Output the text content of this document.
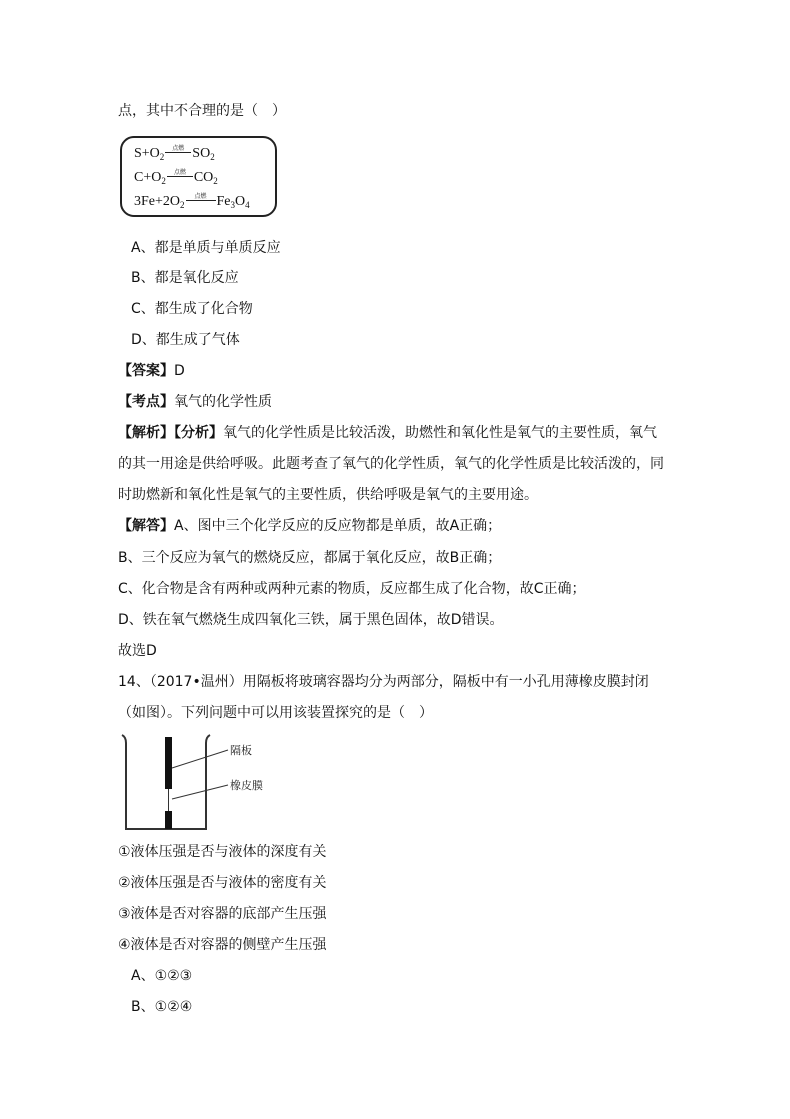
点，其中不合理的是（　）
$S+O_2$
点燃 $SO_2$
$C+O_2$
点燃 $CO_2$
$3Fe+2O_2$
点燃 $Fe_3O_4$
A、都是单质与单质反应
B、都是氧化反应
C、都生成了化合物
D、都生成了气体
【答案】D
【考点】氧气的化学性质
【解析】【分析】氧气的化学性质是比较活泼，助燃性和氧化性是氧气的主要性质，氧气
的其一用途是供给呼吸。此题考查了氧气的化学性质，氧气的化学性质是比较活泼的，同
时助燃新和氧化性是氧气的主要性质，供给呼吸是氧气的主要用途。
【解答】A、图中三个化学反应的反应物都是单质，故A正确；
B、三个反应为氧气的燃烧反应，都属于氧化反应，故B正确；
C、化合物是含有两种或两种元素的物质，反应都生成了化合物，故C正确；
D、铁在氧气燃烧生成四氧化三铁，属于黑色固体，故D错误。
故选D
14、（2017•温州）用隔板将玻璃容器均分为两部分，隔板中有一小孔用薄橡皮膜封闭
（如图）。下列问题中可以用该装置探究的是（　）
隔板
橡皮膜
①液体压强是否与液体的深度有关
②液体压强是否与液体的密度有关
③液体是否对容器的底部产生压强
④液体是否对容器的侧壁产生压强
A、①②③
B、①②④
